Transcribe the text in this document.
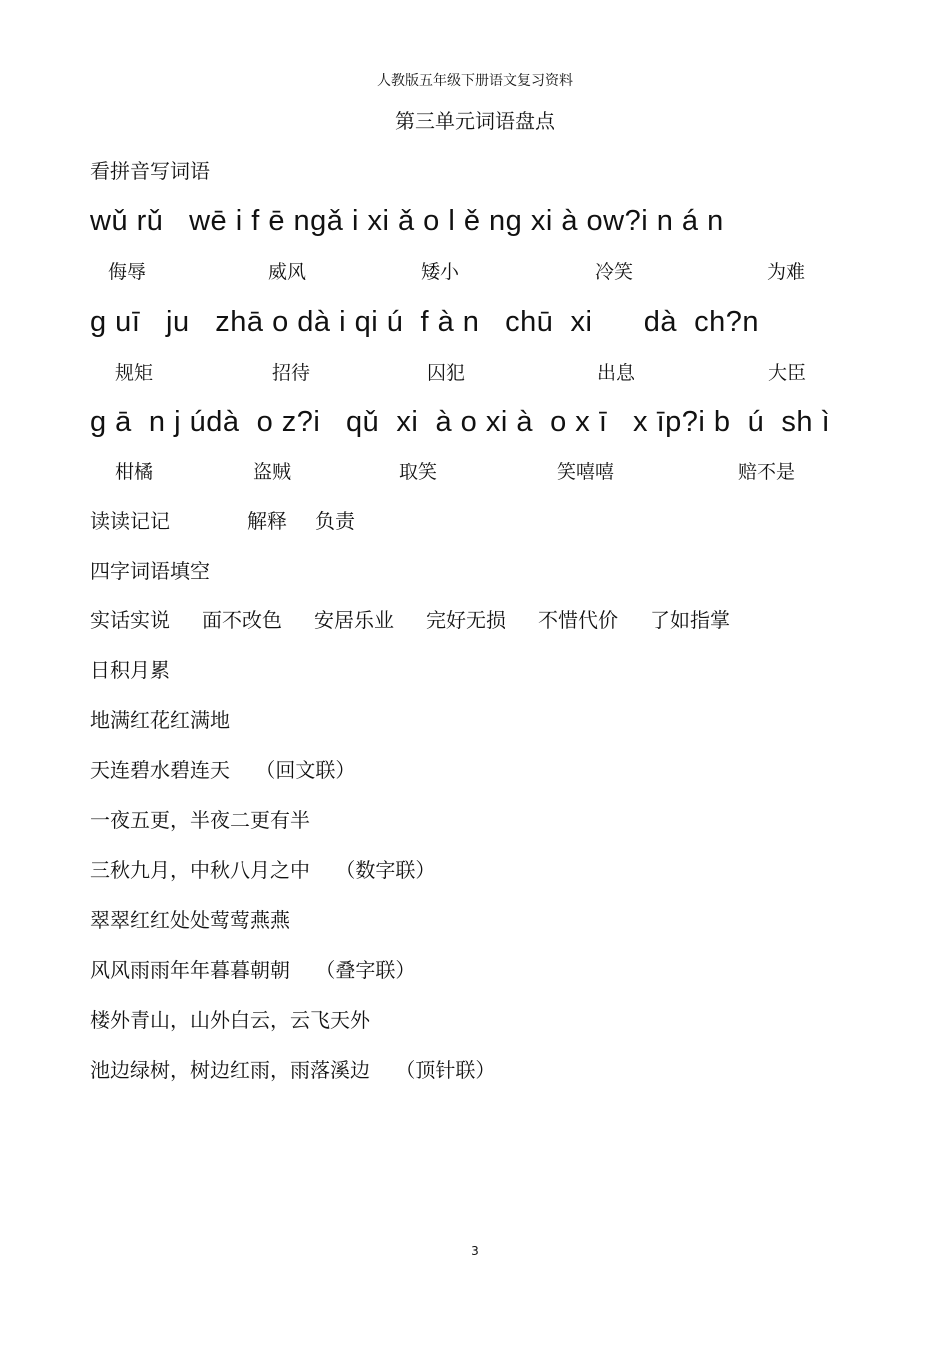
人教版五年级下册语文复习资料
第三单元词语盘点
看拼音写词语
wǔ rǔ   wē i f ē ngǎ i xi ǎ o l ě ng xi à ow?i n á n
侮辱	威风	矮小	冷笑	为难
g uī   ju   zhā o dà i qi ú  f à n   chū  xi      dà  ch?n
规矩	招待	囚犯	出息	大臣
g ā  n j údà  o z?i   qǔ  xi  à o xi à  o x ī   x īp?i b  ú  sh ì
柑橘	盗贼	取笑	笑嘻嘻	赔不是
读读记记	解释 负责
四字词语填空
实话实说 面不改色 安居乐业 完好无损 不惜代价 了如指掌
日积月累
地满红花红满地
天连碧水碧连天    （回文联）
一夜五更，半夜二更有半
三秋九月，中秋八月之中    （数字联）
翠翠红红处处莺莺燕燕
风风雨雨年年暮暮朝朝    （叠字联）
楼外青山，山外白云，云飞天外
池边绿树，树边红雨，雨落溪边    （顶针联）
3
